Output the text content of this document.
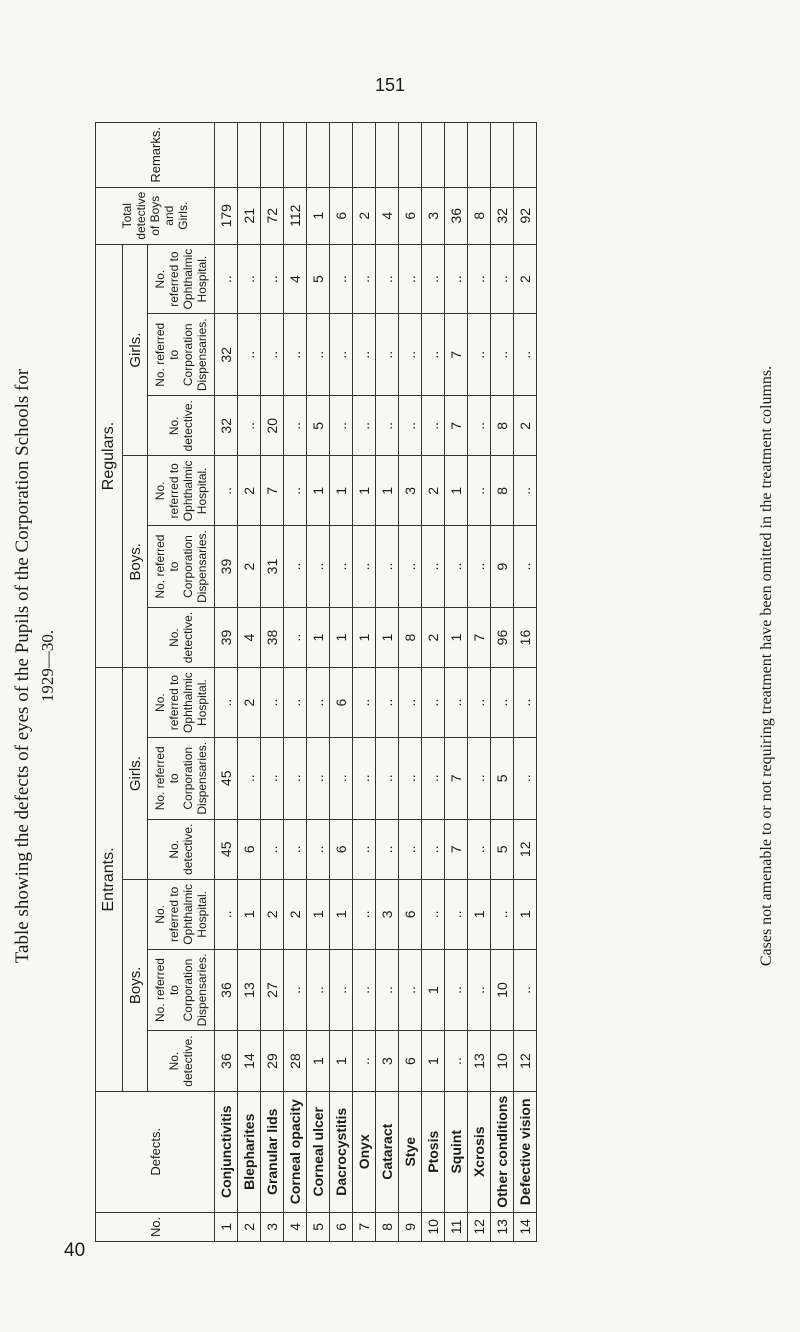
151
40
Table showing the defects of eyes of the Pupils of the Corporation Schools for 1929—30.
No.	Defects.	Entrants.						Regulars.						Total detective of Boys and Girls.	Remarks.
		Boys.			Girls.			Boys.			Girls.				
		No. detective.	No. referred to Corporation Dispensaries.	No. referred to Ophthalmic Hospital.	No. detective.	No. referred to Corporation Dispensaries.	No. referred to Ophthalmic Hospital.	No. detective.	No. referred to Corporation Dispensaries.	No. referred to Ophthalmic Hospital.	No. detective.	No. referred to Corporation Dispensaries.	No. referred to Ophthalmic Hospital.		
1	Conjunctivitis	36	36	..	45	45	..	39	39	..	32	32	..	179	
2	Blepharites	14	13	1	6	..	2	4	2	2	..	..	..	21	
3	Granular lids	29	27	2	..	..	..	38	31	7	20	..	..	72	
4	Corneal opacity	28	..	2	..	..	..	..	..	..	..	..	4	112	
5	Corneal ulcer	1	..	1	..	..	..	1	..	1	5	..	5	1	
6	Dacrocystitis	1	..	1	6	..	6	1	..	1	..	..	..	6	
7	Onyx	..	..	..	..	..	..	1	..	1	..	..	..	2	
8	Cataract	3	..	3	..	..	..	1	..	1	..	..	..	4	
9	Stye	6	..	6	..	..	..	8	..	3	..	..	..	6	
10	Ptosis	1	1	..	..	..	..	2	..	2	..	..	..	3	
11	Squint	..	..	..	7	7	..	1	..	1	7	7	..	36	
12	Xcrosis	13	..	1	..	..	..	7	..	..	..	..	..	8	
13	Other conditions	10	10	..	5	5	..	96	9	8	8	..	..	32	
14	Defective vision	12	..	1	12	..	..	16	..	..	2	..	2	92	
Cases not amenable to or not requiring treatment have been omitted in the treatment columns.
